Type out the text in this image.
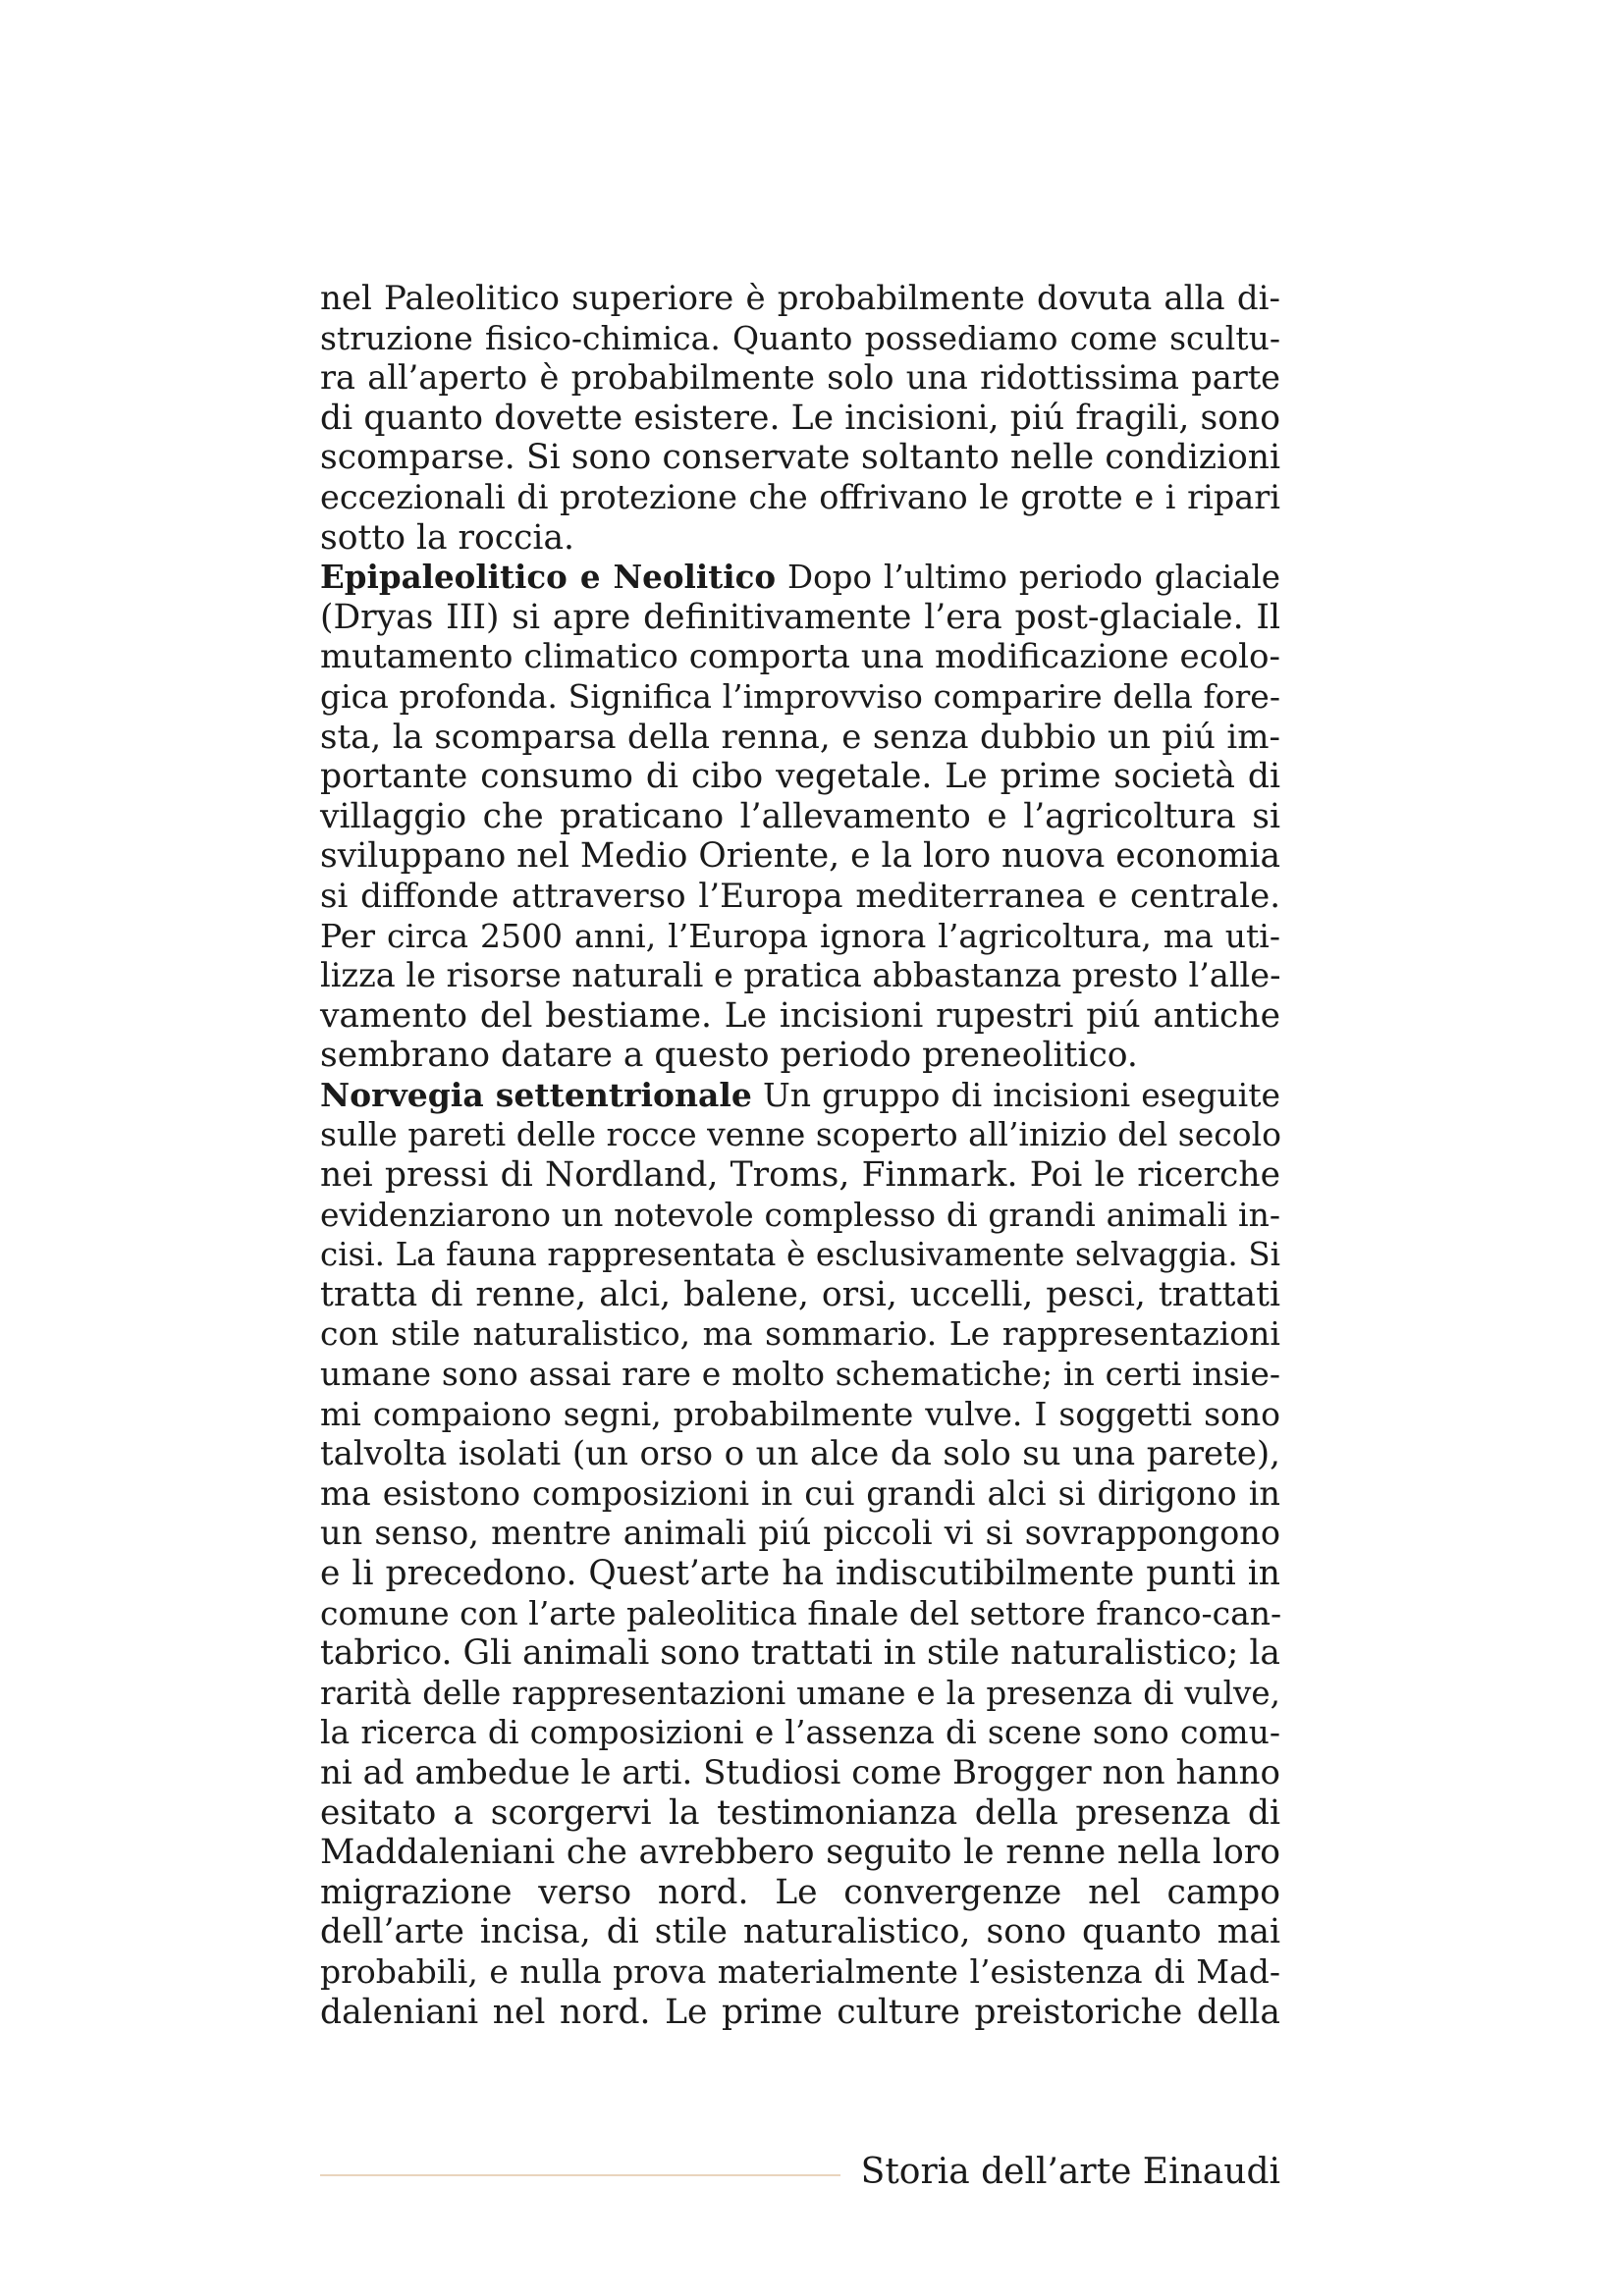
nel Paleolitico superiore è probabilmente dovuta alla di-
struzione fisico-chimica. Quanto possediamo come scultu-
ra all’aperto è probabilmente solo una ridottissima parte
di quanto dovette esistere. Le incisioni, piú fragili, sono
scomparse. Si sono conservate soltanto nelle condizioni
eccezionali di protezione che offrivano le grotte e i ripari
sotto la roccia.
Epipaleolitico e Neolitico Dopo l’ultimo periodo glaciale
(Dryas III) si apre definitivamente l’era post-glaciale. Il
mutamento climatico comporta una modificazione ecolo-
gica profonda. Significa l’improvviso comparire della fore-
sta, la scomparsa della renna, e senza dubbio un piú im-
portante consumo di cibo vegetale. Le prime società di
villaggio che praticano l’allevamento e l’agricoltura si
sviluppano nel Medio Oriente, e la loro nuova economia
si diffonde attraverso l’Europa mediterranea e centrale.
Per circa 2500 anni, l’Europa ignora l’agricoltura, ma uti-
lizza le risorse naturali e pratica abbastanza presto l’alle-
vamento del bestiame. Le incisioni rupestri piú antiche
sembrano datare a questo periodo preneolitico.
Norvegia settentrionale Un gruppo di incisioni eseguite
sulle pareti delle rocce venne scoperto all’inizio del secolo
nei pressi di Nordland, Troms, Finmark. Poi le ricerche
evidenziarono un notevole complesso di grandi animali in-
cisi. La fauna rappresentata è esclusivamente selvaggia. Si
tratta di renne, alci, balene, orsi, uccelli, pesci, trattati
con stile naturalistico, ma sommario. Le rappresentazioni
umane sono assai rare e molto schematiche; in certi insie-
mi compaiono segni, probabilmente vulve. I soggetti sono
talvolta isolati (un orso o un alce da solo su una parete),
ma esistono composizioni in cui grandi alci si dirigono in
un senso, mentre animali piú piccoli vi si sovrappongono
e li precedono. Quest’arte ha indiscutibilmente punti in
comune con l’arte paleolitica finale del settore franco-can-
tabrico. Gli animali sono trattati in stile naturalistico; la
rarità delle rappresentazioni umane e la presenza di vulve,
la ricerca di composizioni e l’assenza di scene sono comu-
ni ad ambedue le arti. Studiosi come Brogger non hanno
esitato a scorgervi la testimonianza della presenza di
Maddaleniani che avrebbero seguito le renne nella loro
migrazione verso nord. Le convergenze nel campo
dell’arte incisa, di stile naturalistico, sono quanto mai
probabili, e nulla prova materialmente l’esistenza di Mad-
daleniani nel nord. Le prime culture preistoriche della
Storia dell’arte Einaudi
